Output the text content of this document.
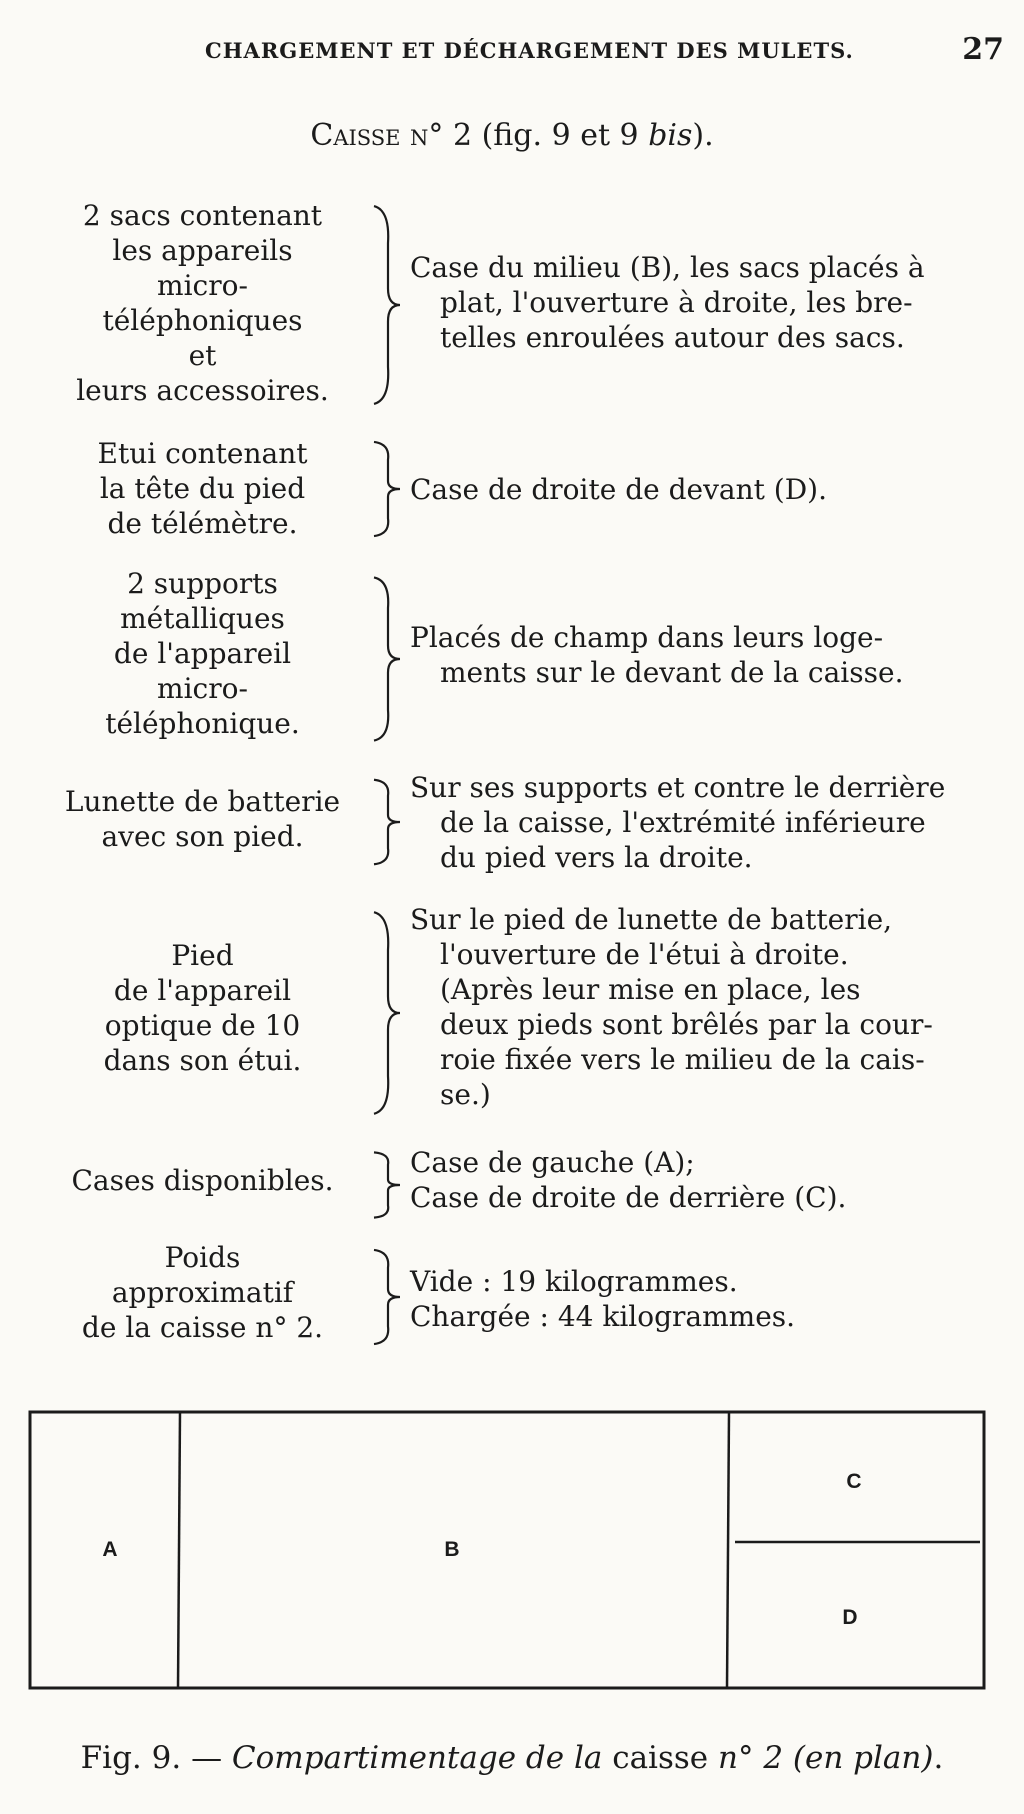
CHARGEMENT ET DÉCHARGEMENT DES MULETS.	27
Caisse n° 2 (fig. 9 et 9 bis).
2 sacs contenant
les appareils
micro-
téléphoniques
et
leurs accessoires.
Case du milieu (B), les sacs placés à
plat, l'ouverture à droite, les bre-
telles enroulées autour des sacs.
Etui contenant
la tête du pied
de télémètre.
Case de droite de devant (D).
2 supports
métalliques
de l'appareil
micro-
téléphonique.
Placés de champ dans leurs loge-
ments sur le devant de la caisse.
Lunette de batterie
avec son pied.
Sur ses supports et contre le derrière
de la caisse, l'extrémité inférieure
du pied vers la droite.
Pied
de l'appareil
optique de 10
dans son étui.
Sur le pied de lunette de batterie,
l'ouverture de l'étui à droite.
(Après leur mise en place, les
deux pieds sont brêlés par la cour-
roie fixée vers le milieu de la cais-
se.)
Cases disponibles.
Case de gauche (A);
Case de droite de derrière (C).
Poids
approximatif
de la caisse n° 2.
Vide : 19 kilogrammes.
Chargée : 44 kilogrammes.
A	B
C
D
Fig. 9. — Compartimentage de la caisse n° 2 (en plan).
